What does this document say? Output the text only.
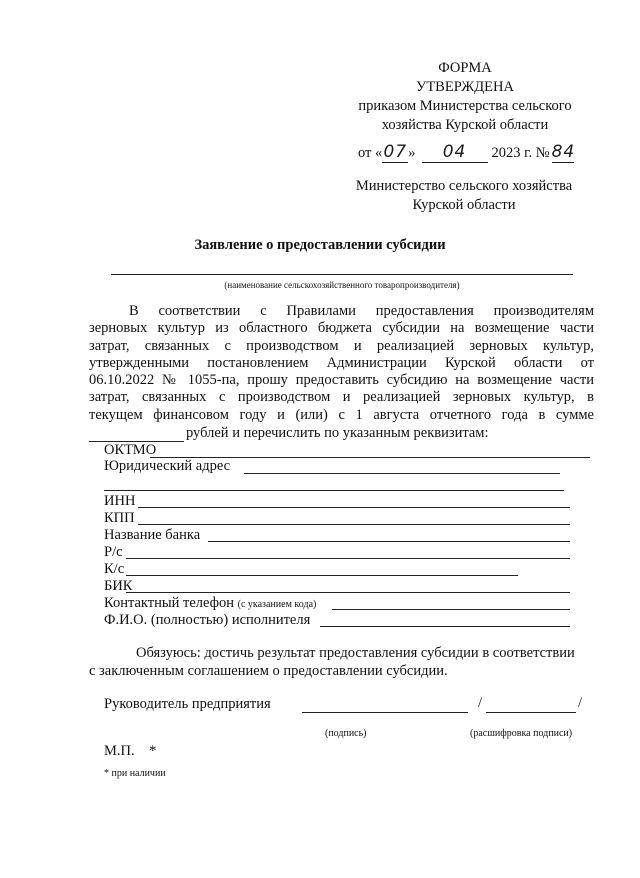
ФОРМА
УТВЕРЖДЕНА
приказом Министерства сельского
хозяйства Курской области
от «07» 04 2023 г. № 84
Министерство сельского хозяйства
Курской области
Заявление о предоставлении субсидии
(наименование сельскохозяйственного товаропроизводителя)
В соответствии с Правилами предоставления производителям
зерновых культур из областного бюджета субсидии на возмещение части
затрат, связанных с производством и реализацией зерновых культур,
утвержденными постановлением Администрации Курской области от
06.10.2022 № 1055-па, прошу предоставить субсидию на возмещение части
затрат, связанных с производством и реализацией зерновых культур, в
текущем финансовом году и (или) с 1 августа отчетного года в сумме
рублей и перечислить по указанным реквизитам:
ОКТМО
Юридический адрес
ИНН
КПП
Название банка
Р/с
К/с
БИК
Контактный телефон (с указанием кода)
Ф.И.О. (полностью) исполнителя
Обязуюсь: достичь результат предоставления субсидии в соответствии
с заключенным соглашением о предоставлении субсидии.
Руководитель предприятия	/	/
(подпись)	(расшифровка подписи)
М.П.    *
* при наличии
